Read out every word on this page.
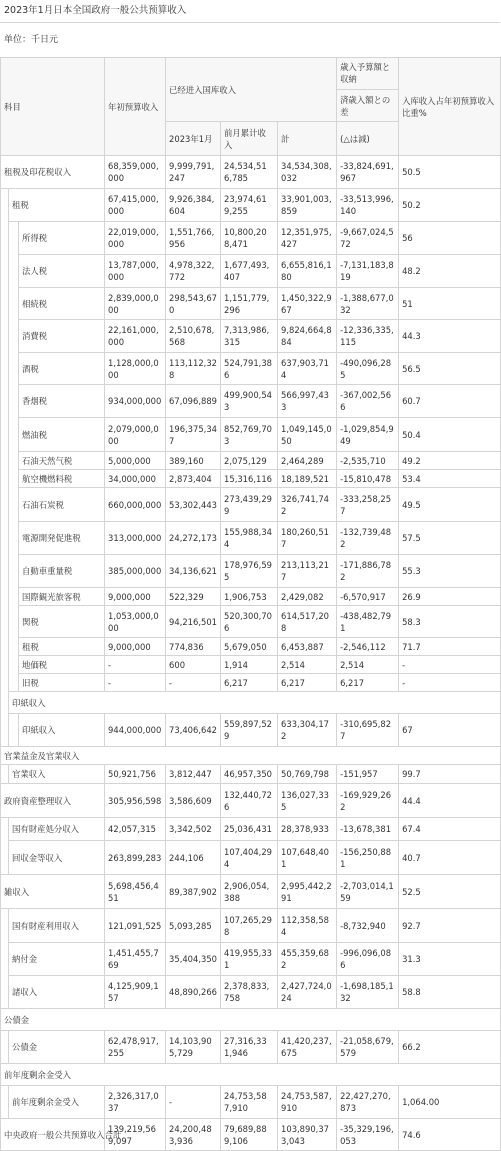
2023年1月日本全国政府一般公共预算收入
单位：千日元
科目			年初预算收入	已经进入国库收入			歳入予算額と収納	入库收入占年初预算收入比重%
							済歳入額との差	
				2023年1月	前月累计收入	計	(△は減)	
租税及印花税収入			68,359,000,000	9,999,791,247	24,534,516,785	34,534,308,032	-33,824,691,967	50.5
	租税		67,415,000,000	9,926,384,604	23,974,619,255	33,901,003,859	-33,513,996,140	50.2
		所得税	22,019,000,000	1,551,766,956	10,800,208,471	12,351,975,427	-9,667,024,572	56
		法人税	13,787,000,000	4,978,322,772	1,677,493,407	6,655,816,180	-7,131,183,819	48.2
		相続税	2,839,000,000	298,543,670	1,151,779,296	1,450,322,967	-1,388,677,032	51
		消費税	22,161,000,000	2,510,678,568	7,313,986,315	9,824,664,884	-12,336,335,115	44.3
		酒税	1,128,000,000	113,112,328	524,791,386	637,903,714	-490,096,285	56.5
		香烟税	934,000,000	67,096,889	499,900,543	566,997,433	-367,002,566	60.7
		燃油税	2,079,000,000	196,375,347	852,769,703	1,049,145,050	-1,029,854,949	50.4
		石油天然气税	5,000,000	389,160	2,075,129	2,464,289	-2,535,710	49.2
		航空機燃料税	34,000,000	2,873,404	15,316,116	18,189,521	-15,810,478	53.4
		石油石炭税	660,000,000	53,302,443	273,439,299	326,741,742	-333,258,257	49.5
		電源開発促進税	313,000,000	24,272,173	155,988,344	180,260,517	-132,739,482	57.5
		自動車重量税	385,000,000	34,136,621	178,976,595	213,113,217	-171,886,782	55.3
		国際観光旅客税	9,000,000	522,329	1,906,753	2,429,082	-6,570,917	26.9
		関税	1,053,000,000	94,216,501	520,300,706	614,517,208	-438,482,791	58.3
		租税	9,000,000	774,836	5,679,050	6,453,887	-2,546,112	71.7
		地価税	-	600	1,914	2,514	2,514	-
		旧税	-	-	6,217	6,217	6,217	-
	印紙収入							
		印紙収入	944,000,000	73,406,642	559,897,529	633,304,172	-310,695,827	67
官業益金及官業収入								
	官業収入		50,921,756	3,812,447	46,957,350	50,769,798	-151,957	99.7
政府資産整理収入			305,956,598	3,586,609	132,440,726	136,027,335	-169,929,262	44.4
	国有財産処分収入		42,057,315	3,342,502	25,036,431	28,378,933	-13,678,381	67.4
	回収金等収入		263,899,283	244,106	107,404,294	107,648,401	-156,250,881	40.7
雑収入			5,698,456,451	89,387,902	2,906,054,388	2,995,442,291	-2,703,014,159	52.5
	国有財産利用収入		121,091,525	5,093,285	107,265,298	112,358,584	-8,732,940	92.7
	納付金		1,451,455,769	35,404,350	419,955,331	455,359,682	-996,096,086	31.3
	諸収入		4,125,909,157	48,890,266	2,378,833,758	2,427,724,024	-1,698,185,132	58.8
公債金								
	公債金		62,478,917,255	14,103,905,729	27,316,331,946	41,420,237,675	-21,058,679,579	66.2
前年度剰余金受入								
	前年度剰余金受入		2,326,317,037	-	24,753,587,910	24,753,587,910	22,427,270,873	1,064.00
中央政府一般公共预算收入合計			139,219,569,097	24,200,483,936	79,689,889,106	103,890,373,043	-35,329,196,053	74.6
